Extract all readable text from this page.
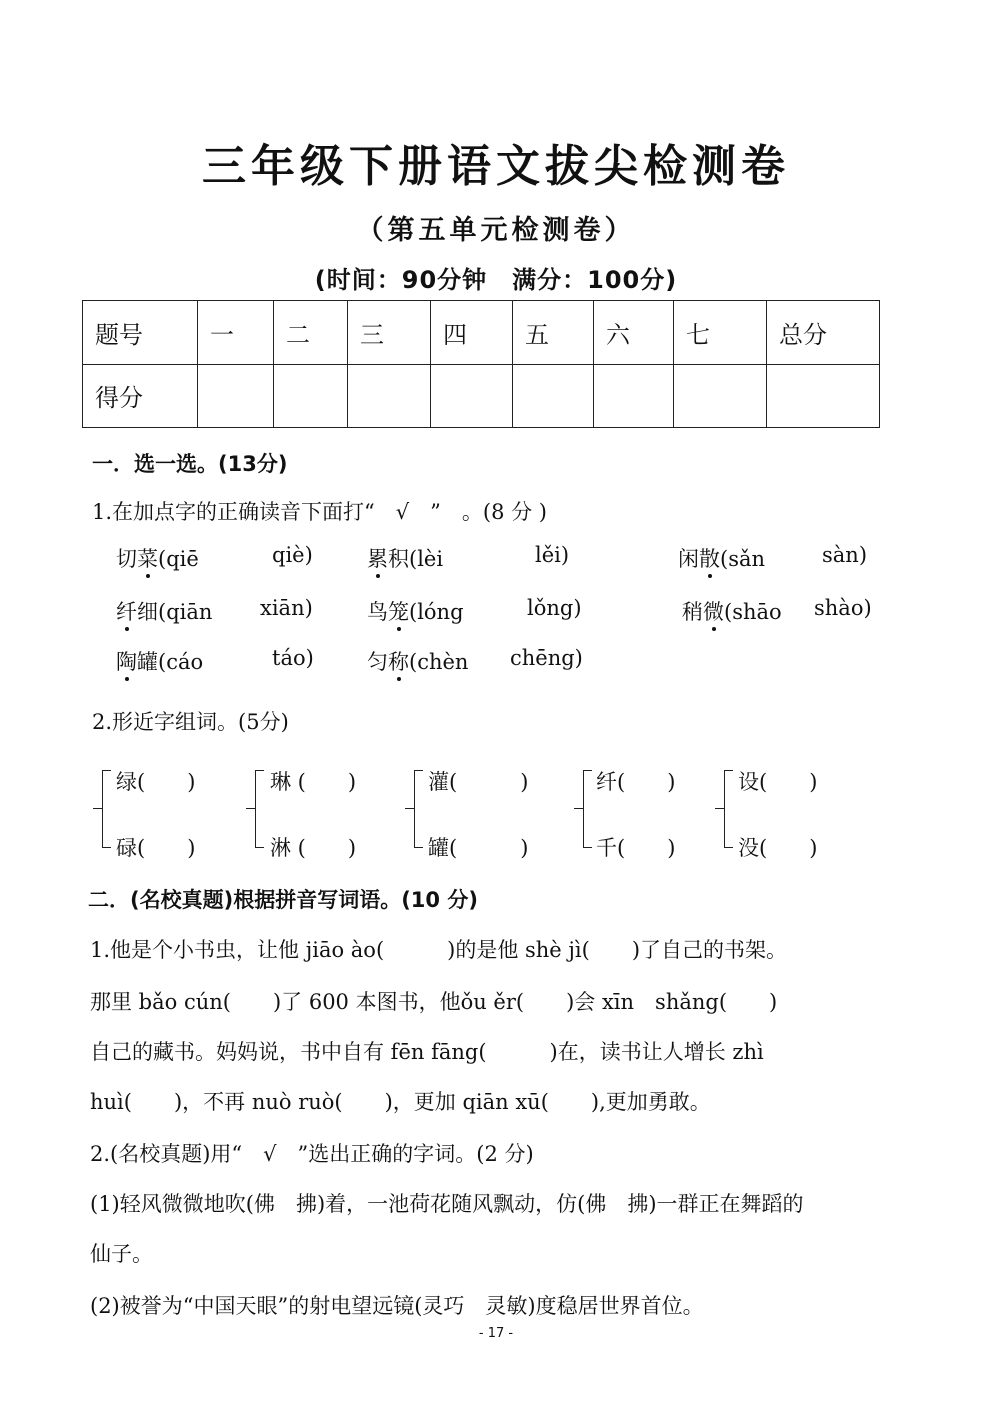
三年级下册语文拔尖检测卷
（第五单元检测卷）
(时间：90分钟　满分：100分)
题号	一	二	三	四	五	六	七	总分
得分								
一．选一选。(13分)
1.在加点字的正确读音下面打“　√　”　。(8 分 )
切菜(qiē	qiè)	累积(lèi	lěi)	闲散(sǎn	sàn)
纤细(qiān xiān)	鸟笼(lóng	lǒng)	稍微(shāo shào)
陶罐(cáo	táo)	匀称(chèn chēng)
2.形近字组词。(5分)
绿(　　)
碌(　　)
琳 (　　)
淋 (　　)
灌(　　　)
罐(　　　)
纤(　　)
千(　　)
设(　　)
没(　　)
二．(名校真题)根据拼音写词语。(10 分)
1.他是个小书虫，让他 jiāo ào(　　　)的是他 shè jì(　　)了自己的书架。
那里 bǎo cún(　　)了 600 本图书，他ǒu ěr(　　)会 xīn　shǎng(　　)
自己的藏书。妈妈说，书中自有 fēn fāng(　　　)在，读书让人增长 zhì
huì(　　)，不再 nuò ruò(　　)，更加 qiān xū(　　),更加勇敢。
2.(名校真题)用“　√　”选出正确的字词。(2 分)
(1)轻风微微地吹(佛　拂)着，一池荷花随风飘动，仿(佛　拂)一群正在舞蹈的
仙子。
(2)被誉为“中国天眼”的射电望远镜(灵巧　灵敏)度稳居世界首位。
- 17 -
